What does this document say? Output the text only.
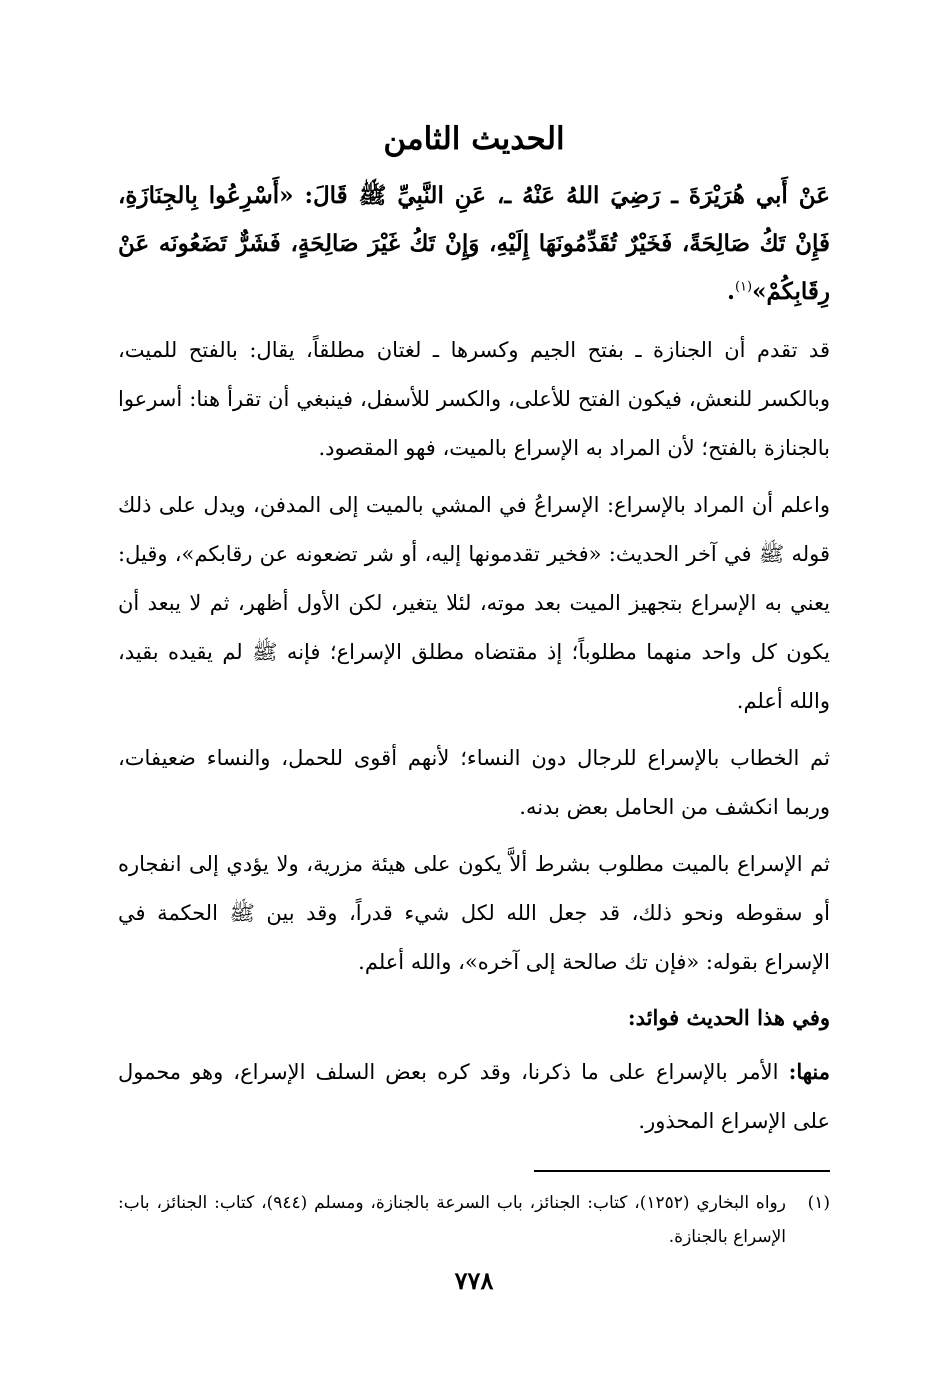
الحديث الثامن

عَنْ أَبي هُرَيْرَةَ ـ رَضِيَ اللهُ عَنْهُ ـ، عَنِ النَّبِيِّ ﷺ قَالَ: «أَسْرِعُوا بِالجِنَازَةِ، فَإِنْ تَكُ صَالِحَةً، فَخَيْرٌ تُقَدِّمُونَهَا إِلَيْهِ، وَإِنْ تَكُ غَيْرَ صَالِحَةٍ، فَشَرٌّ تَضَعُونَه عَنْ رِقَابِكُمْ»$^{(١)}$.

قد تقدم أن الجنازة ـ بفتح الجيم وكسرها ـ لغتان مطلقاً، يقال: بالفتح للميت، وبالكسر للنعش، فيكون الفتح للأعلى، والكسر للأسفل، فينبغي أن تقرأ هنا: أسرعوا بالجنازة بالفتح؛ لأن المراد به الإسراع بالميت، فهو المقصود.

واعلم أن المراد بالإسراع: الإسراعُ في المشي بالميت إلى المدفن، ويدل على ذلك قوله ﷺ في آخر الحديث: «فخير تقدمونها إليه، أو شر تضعونه عن رقابكم»، وقيل: يعني به الإسراع بتجهيز الميت بعد موته، لئلا يتغير، لكن الأول أظهر، ثم لا يبعد أن يكون كل واحد منهما مطلوباً؛ إذ مقتضاه مطلق الإسراع؛ فإنه ﷺ لم يقيده بقيد، والله أعلم.

ثم الخطاب بالإسراع للرجال دون النساء؛ لأنهم أقوى للحمل، والنساء ضعيفات، وربما انكشف من الحامل بعض بدنه.

ثم الإسراع بالميت مطلوب بشرط ألاَّ يكون على هيئة مزرية، ولا يؤدي إلى انفجاره أو سقوطه ونحو ذلك، قد جعل الله لكل شيء قدراً، وقد بين ﷺ الحكمة في الإسراع بقوله: «فإن تك صالحة إلى آخره»، والله أعلم.

وفي هذا الحديث فوائد:

منها: الأمر بالإسراع على ما ذكرنا، وقد كره بعض السلف الإسراع، وهو محمول على الإسراع المحذور.

(١)
رواه البخاري (١٢٥٢)، كتاب: الجنائز، باب السرعة بالجنازة، ومسلم (٩٤٤)، كتاب: الجنائز، باب: الإسراع بالجنازة.

٧٧٨
